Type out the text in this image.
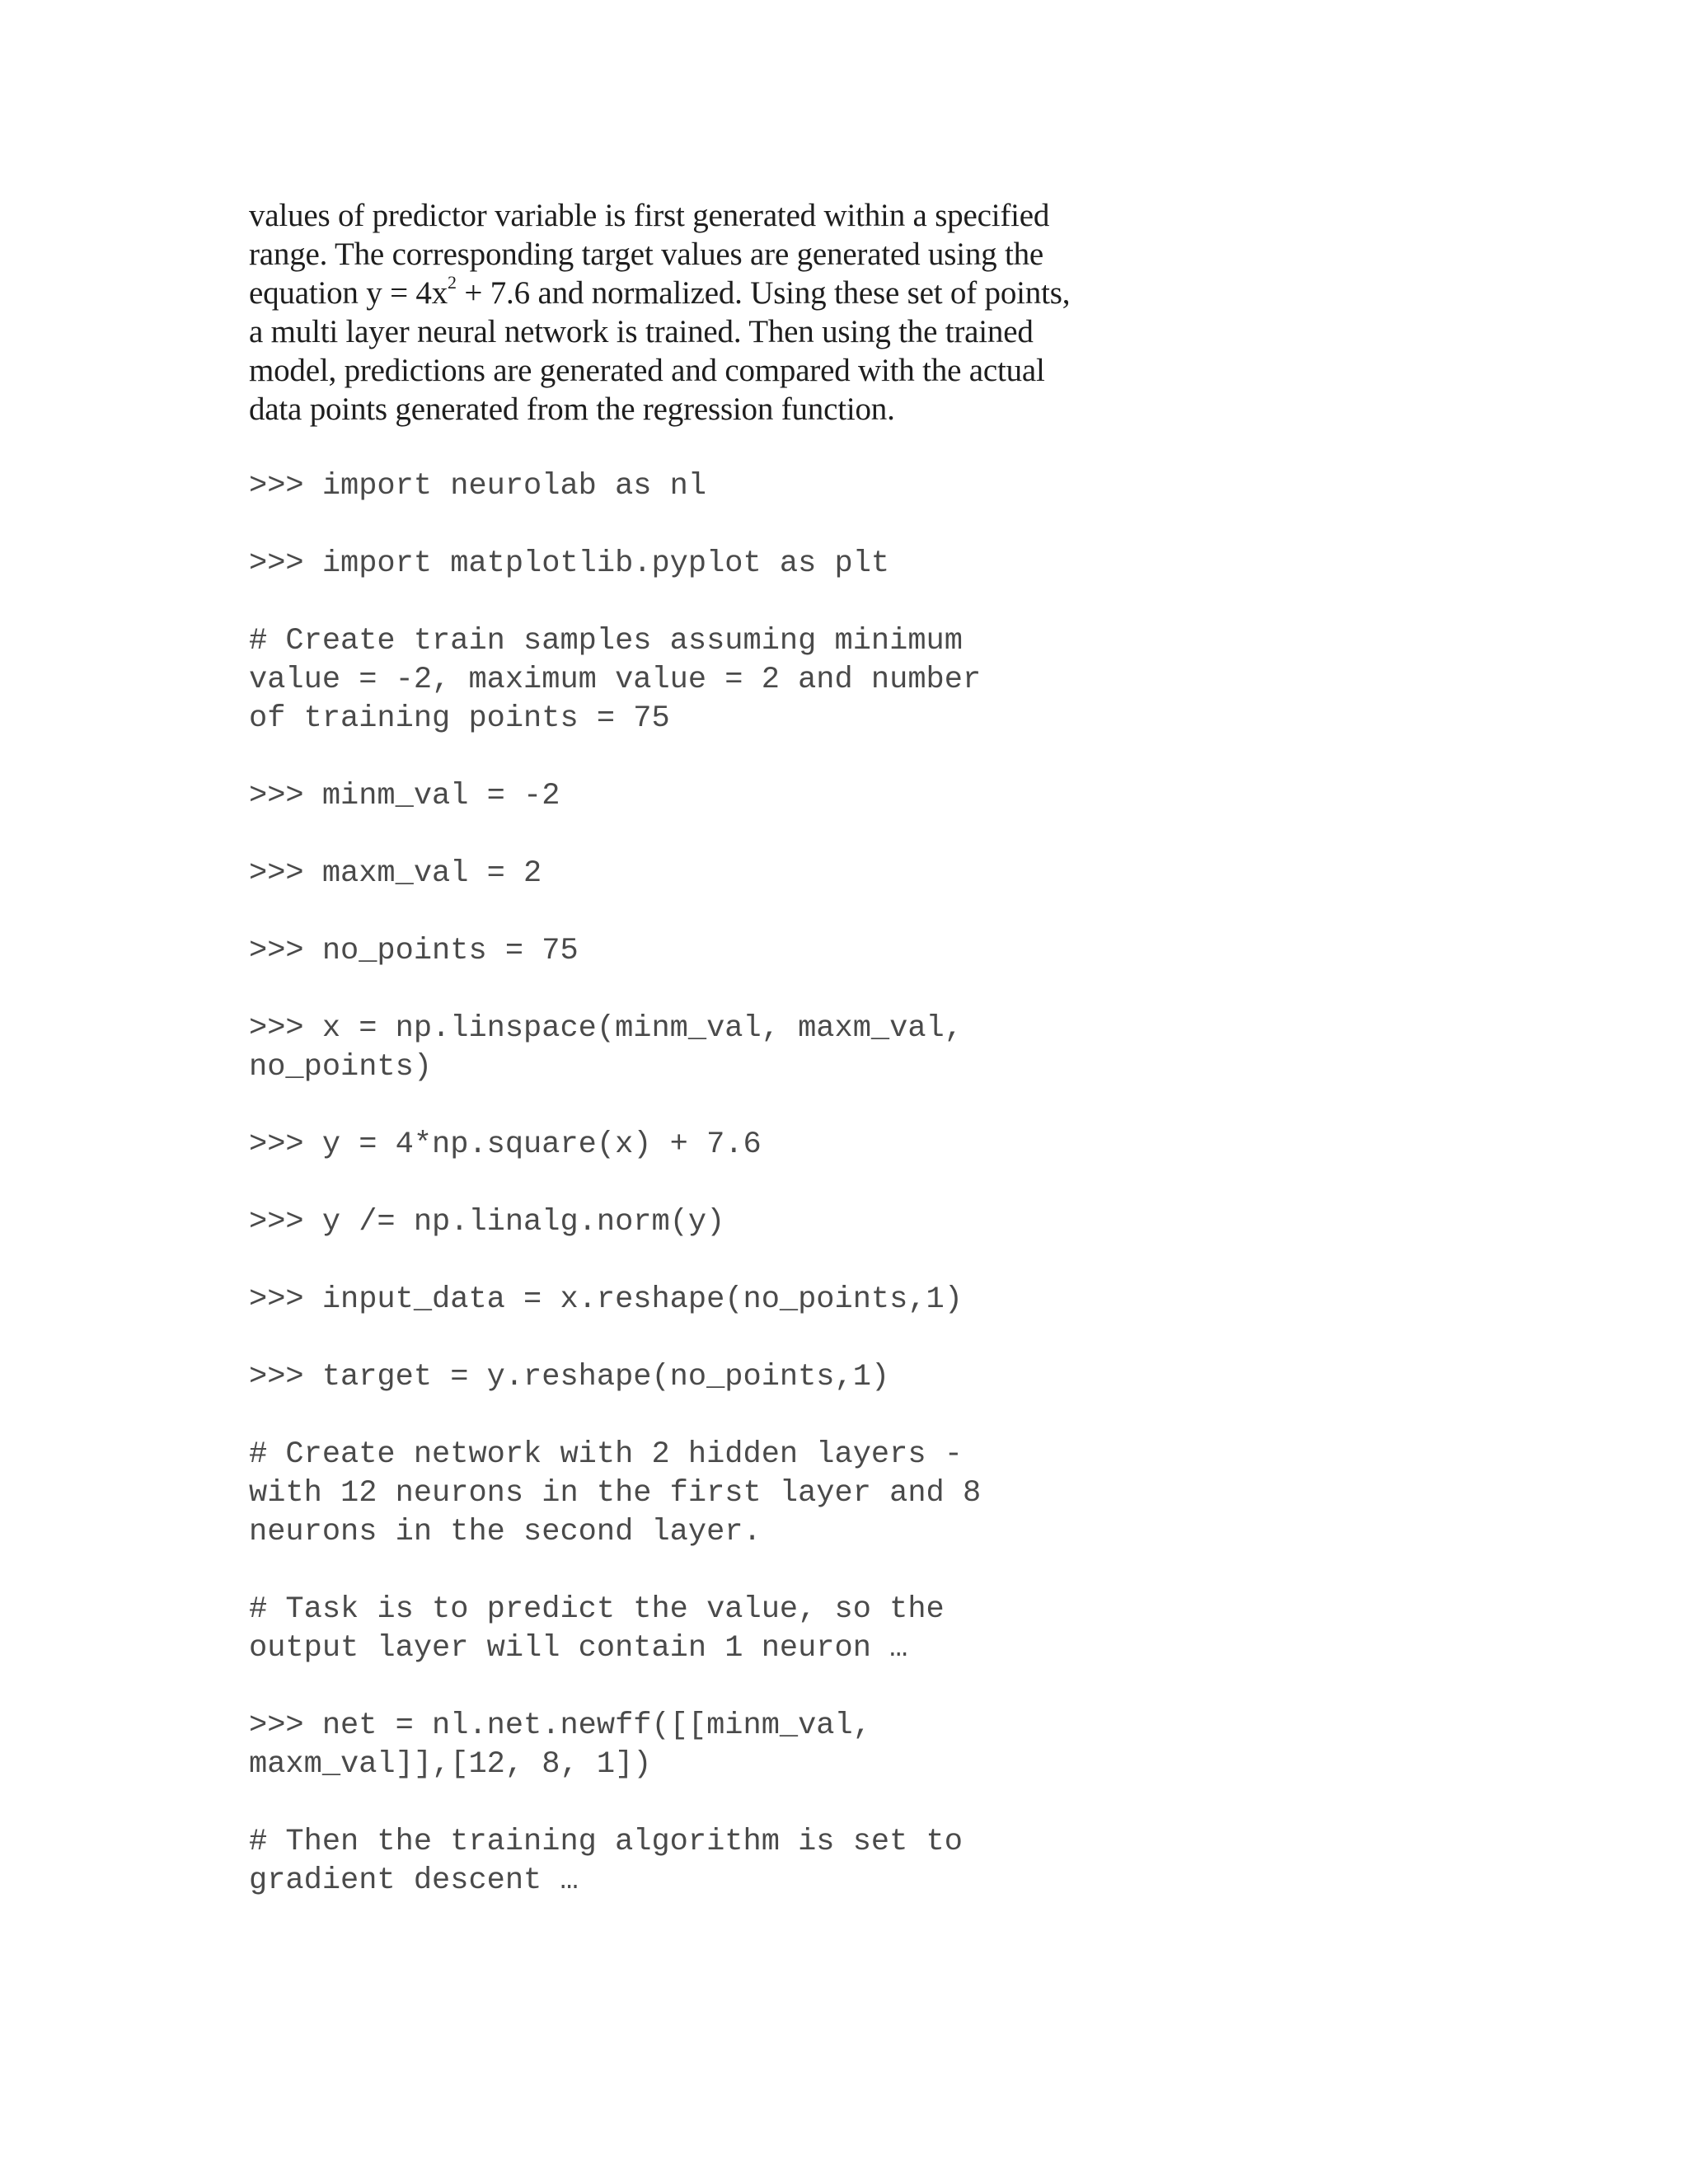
values of predictor variable is first generated within a specified range. The corresponding target values are generated using the equation $y = 4x^2 + 7.6$ and normalized. Using these set of points, a multi layer neural network is trained. Then using the trained model, predictions are generated and compared with the actual data points generated from the regression function.

>>> import neurolab as nl
>>> import matplotlib.pyplot as plt
# Create train samples assuming minimum
value = -2, maximum value = 2 and number
of training points = 75
>>> minm_val = -2
>>> maxm_val = 2
>>> no_points = 75
>>> x = np.linspace(minm_val, maxm_val,
no_points)
>>> y = 4*np.square(x) + 7.6
>>> y /= np.linalg.norm(y)
>>> input_data = x.reshape(no_points,1)
>>> target = y.reshape(no_points,1)
# Create network with 2 hidden layers -
with 12 neurons in the first layer and 8
neurons in the second layer.
# Task is to predict the value, so the
output layer will contain 1 neuron …
>>> net = nl.net.newff([[minm_val,
maxm_val]],[12, 8, 1])
# Then the training algorithm is set to
gradient descent …
